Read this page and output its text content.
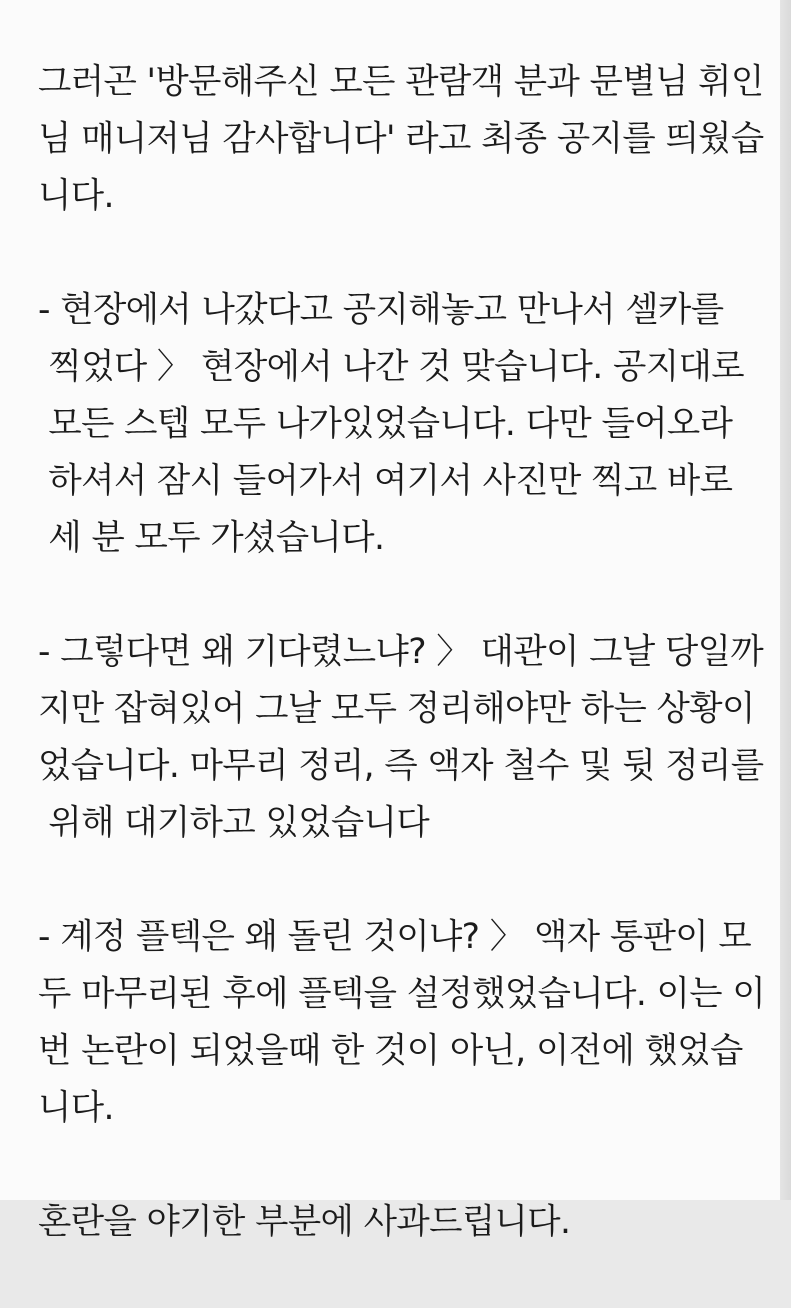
그러곤 '방문해주신 모든 관람객 분과 문별님 휘인
님 매니저님 감사합니다' 라고 최종 공지를 띄웠습
니다.
- 현장에서 나갔다고 공지해놓고 만나서 셀카를
찍었다 〉 현장에서 나간 것 맞습니다. 공지대로
모든 스텝 모두 나가있었습니다. 다만 들어오라
하셔서 잠시 들어가서 여기서 사진만 찍고 바로
세 분 모두 가셨습니다.
- 그렇다면 왜 기다렸느냐? 〉 대관이 그날 당일까
지만 잡혀있어 그날 모두 정리해야만 하는 상황이
었습니다. 마무리 정리, 즉 액자 철수 및 뒷 정리를
위해 대기하고 있었습니다
- 계정 플텍은 왜 돌린 것이냐? 〉 액자 통판이 모
두 마무리된 후에 플텍을 설정했었습니다. 이는 이
번 논란이 되었을때 한 것이 아닌, 이전에 했었습
니다.
혼란을 야기한 부분에 사과드립니다.
